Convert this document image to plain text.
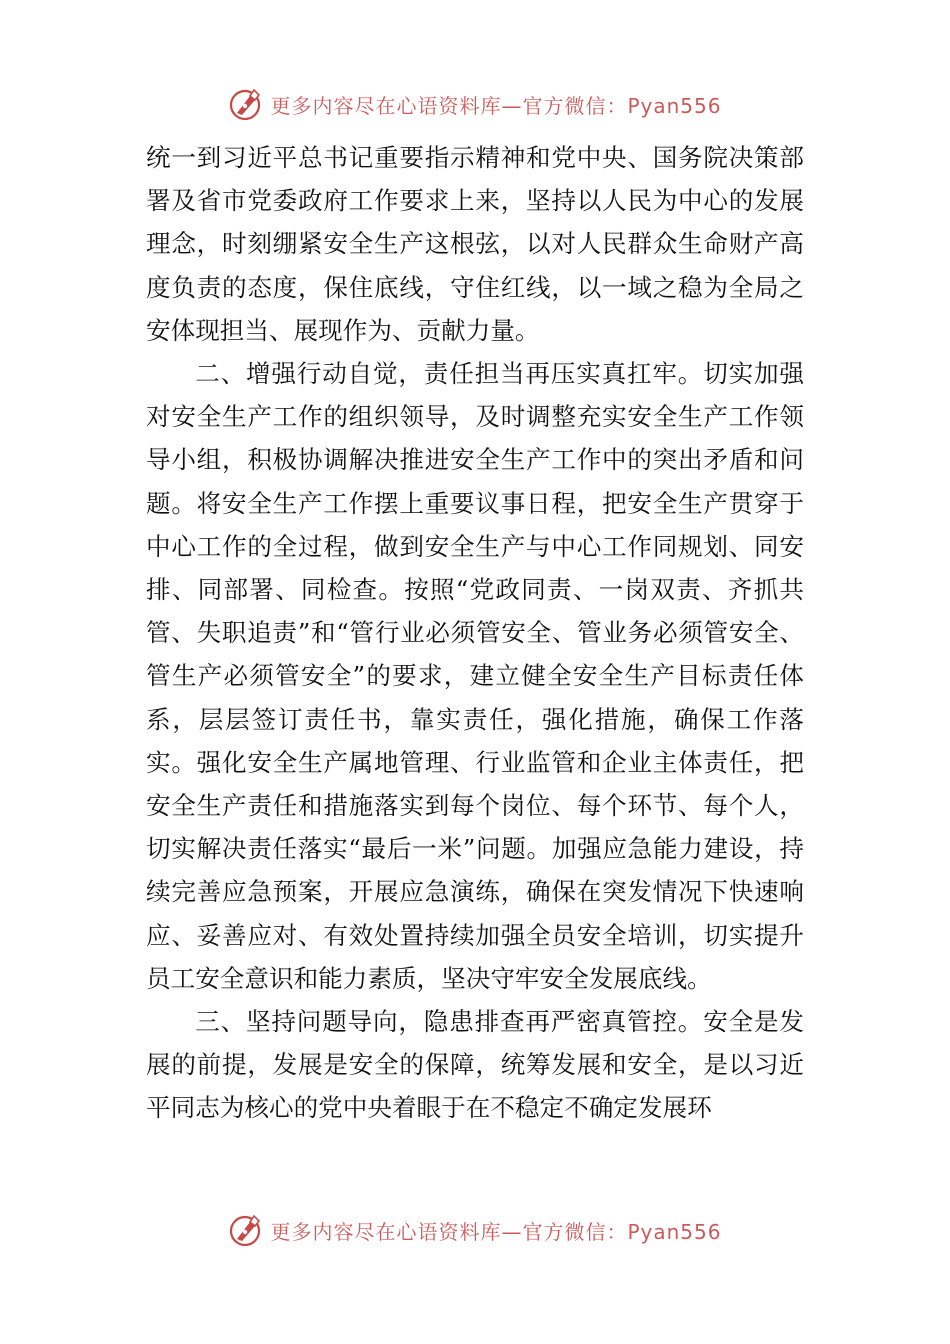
更多内容尽在心语资料库—官方微信：Pyan556

统一到习近平总书记重要指示精神和党中央、国务院决策部署及省市党委政府工作要求上来，坚持以人民为中心的发展理念，时刻绷紧安全生产这根弦，以对人民群众生命财产高度负责的态度，保住底线，守住红线，以一域之稳为全局之安体现担当、展现作为、贡献力量。

二、增强行动自觉，责任担当再压实真扛牢。切实加强对安全生产工作的组织领导，及时调整充实安全生产工作领导小组，积极协调解决推进安全生产工作中的突出矛盾和问题。将安全生产工作摆上重要议事日程，把安全生产贯穿于中心工作的全过程，做到安全生产与中心工作同规划、同安排、同部署、同检查。按照“党政同责、一岗双责、齐抓共管、失职追责”和“管行业必须管安全、管业务必须管安全、管生产必须管安全”的要求，建立健全安全生产目标责任体系，层层签订责任书，靠实责任，强化措施，确保工作落实。强化安全生产属地管理、行业监管和企业主体责任，把安全生产责任和措施落实到每个岗位、每个环节、每个人，切实解决责任落实“最后一米”问题。加强应急能力建设，持续完善应急预案，开展应急演练，确保在突发情况下快速响应、妥善应对、有效处置持续加强全员安全培训，切实提升员工安全意识和能力素质，坚决守牢安全发展底线。

三、坚持问题导向，隐患排查再严密真管控。安全是发展的前提，发展是安全的保障，统筹发展和安全，是以习近平同志为核心的党中央着眼于在不稳定不确定发展环

更多内容尽在心语资料库—官方微信：Pyan556
